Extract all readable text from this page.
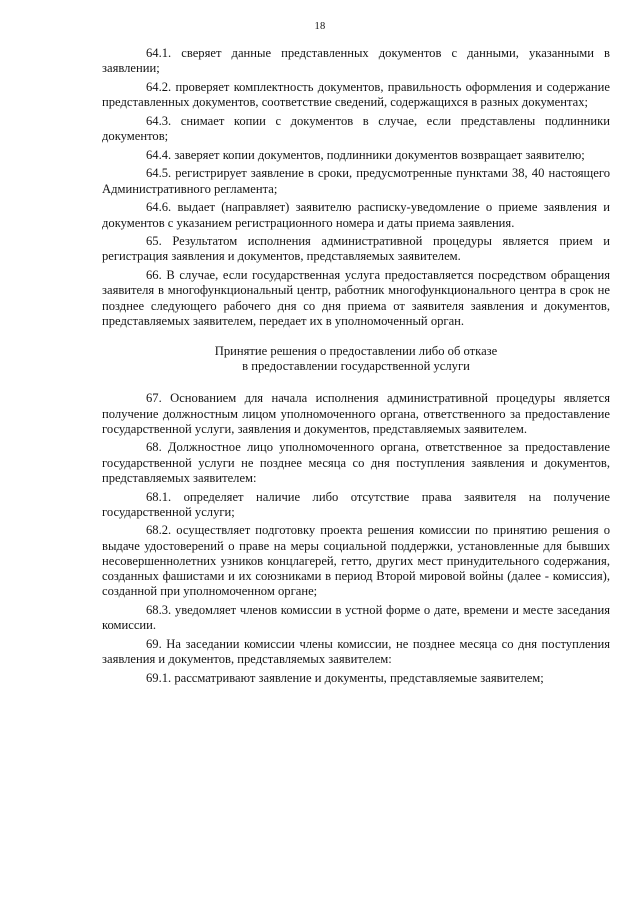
18

64.1. сверяет данные представленных документов с данными, указанными в заявлении;

64.2. проверяет комплектность документов, правильность оформления и содержание представленных документов, соответствие сведений, содержащихся в разных документах;

64.3. снимает копии с документов в случае, если представлены подлинники документов;

64.4. заверяет копии документов, подлинники документов возвращает заявителю;

64.5. регистрирует заявление в сроки, предусмотренные пунктами 38, 40 настоящего Административного регламента;

64.6. выдает (направляет) заявителю расписку-уведомление о приеме заявления и документов с указанием регистрационного номера и даты приема заявления.

65. Результатом исполнения административной процедуры является прием и регистрация заявления и документов, представляемых заявителем.

66. В случае, если государственная услуга предоставляется посредством обращения заявителя в многофункциональный центр, работник многофункционального центра в срок не позднее следующего рабочего дня со дня приема от заявителя заявления и документов, представляемых заявителем, передает их в уполномоченный орган.

Принятие решения о предоставлении либо об отказе
в предоставлении государственной услуги

67. Основанием для начала исполнения административной процедуры является получение должностным лицом уполномоченного органа, ответственного за предоставление государственной услуги, заявления и документов, представляемых заявителем.

68. Должностное лицо уполномоченного органа, ответственное за предоставление государственной услуги не позднее месяца со дня поступления заявления и документов, представляемых заявителем:

68.1. определяет наличие либо отсутствие права заявителя на получение государственной услуги;

68.2. осуществляет подготовку проекта решения комиссии по принятию решения о выдаче удостоверений о праве на меры социальной поддержки, установленные для бывших несовершеннолетних узников концлагерей, гетто, других мест принудительного содержания, созданных фашистами и их союзниками в период Второй мировой войны (далее - комиссия), созданной при уполномоченном органе;

68.3. уведомляет членов комиссии в устной форме о дате, времени и месте заседания комиссии.

69. На заседании комиссии члены комиссии, не позднее месяца со дня поступления заявления и документов, представляемых заявителем:

69.1. рассматривают заявление и документы, представляемые заявителем;
